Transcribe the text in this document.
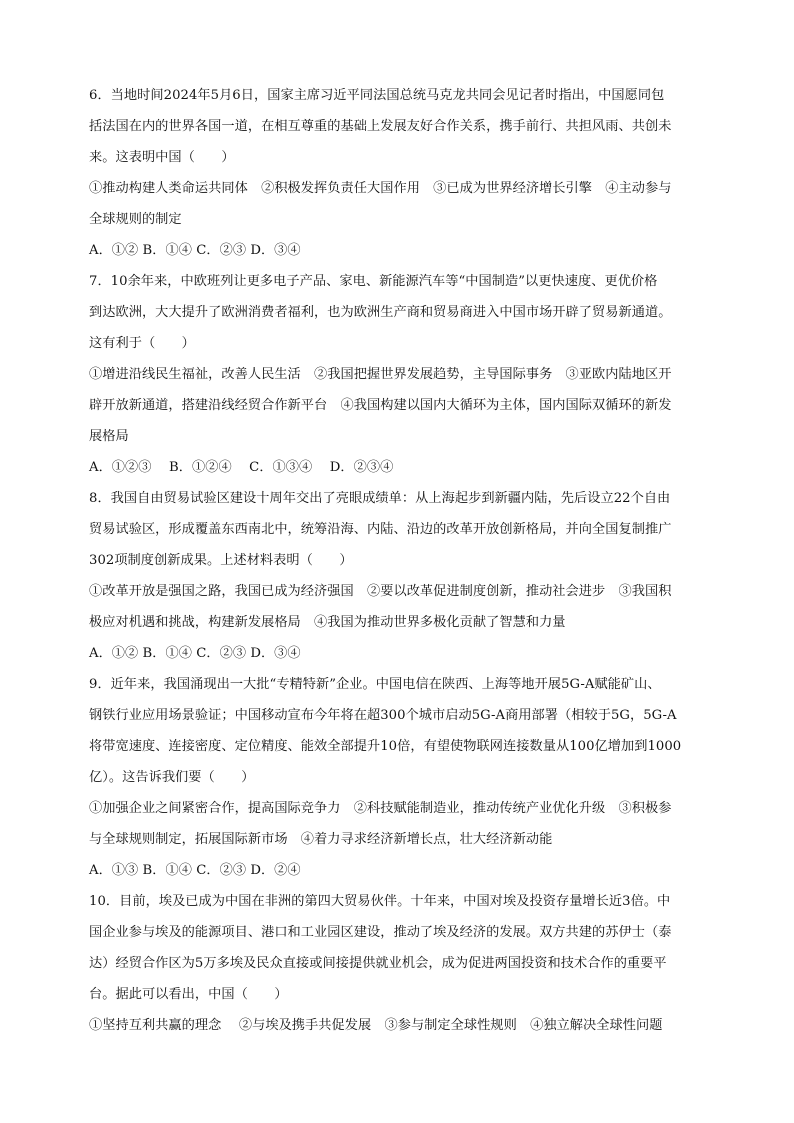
6．当地时间2024年5月6日，国家主席习近平同法国总统马克龙共同会见记者时指出，中国愿同包
括法国在内的世界各国一道，在相互尊重的基础上发展友好合作关系，携手前行、共担风雨、共创未
来。这表明中国（　　）
①推动构建人类命运共同体　②积极发挥负责任大国作用　③已成为世界经济增长引擎　④主动参与
全球规则的制定
A．①② B．①④ C．②③ D．③④
7．10余年来，中欧班列让更多电子产品、家电、新能源汽车等“中国制造”以更快速度、更优价格
到达欧洲，大大提升了欧洲消费者福利，也为欧洲生产商和贸易商进入中国市场开辟了贸易新通道。
这有利于（　　）
①增进沿线民生福祉，改善人民生活　②我国把握世界发展趋势，主导国际事务　③亚欧内陆地区开
辟开放新通道，搭建沿线经贸合作新平台　④我国构建以国内大循环为主体，国内国际双循环的新发
展格局
A．①②③　 B．①②④　 C．①③④　 D．②③④
8．我国自由贸易试验区建设十周年交出了亮眼成绩单：从上海起步到新疆内陆，先后设立22个自由
贸易试验区，形成覆盖东西南北中，统筹沿海、内陆、沿边的改革开放创新格局，并向全国复制推广
302项制度创新成果。上述材料表明（　　）
①改革开放是强国之路，我国已成为经济强国　②要以改革促进制度创新，推动社会进步　③我国积
极应对机遇和挑战，构建新发展格局　④我国为推动世界多极化贡献了智慧和力量
A．①② B．①④ C．②③ D．③④
9．近年来，我国涌现出一大批“专精特新”企业。中国电信在陕西、上海等地开展5G-A赋能矿山、
钢铁行业应用场景验证；中国移动宣布今年将在超300个城市启动5G-A商用部署（相较于5G，5G-A
将带宽速度、连接密度、定位精度、能效全部提升10倍，有望使物联网连接数量从100亿增加到1000
亿）。这告诉我们要（　　）
①加强企业之间紧密合作，提高国际竞争力　②科技赋能制造业，推动传统产业优化升级　③积极参
与全球规则制定，拓展国际新市场　④着力寻求经济新增长点，壮大经济新动能
A．①③ B．①④ C．②③ D．②④
10．目前，埃及已成为中国在非洲的第四大贸易伙伴。十年来，中国对埃及投资存量增长近3倍。中
国企业参与埃及的能源项目、港口和工业园区建设，推动了埃及经济的发展。双方共建的苏伊士（泰
达）经贸合作区为5万多埃及民众直接或间接提供就业机会，成为促进两国投资和技术合作的重要平
台。据此可以看出，中国（　　）
①坚持互利共赢的理念　 ②与埃及携手共促发展　③参与制定全球性规则　④独立解决全球性问题
